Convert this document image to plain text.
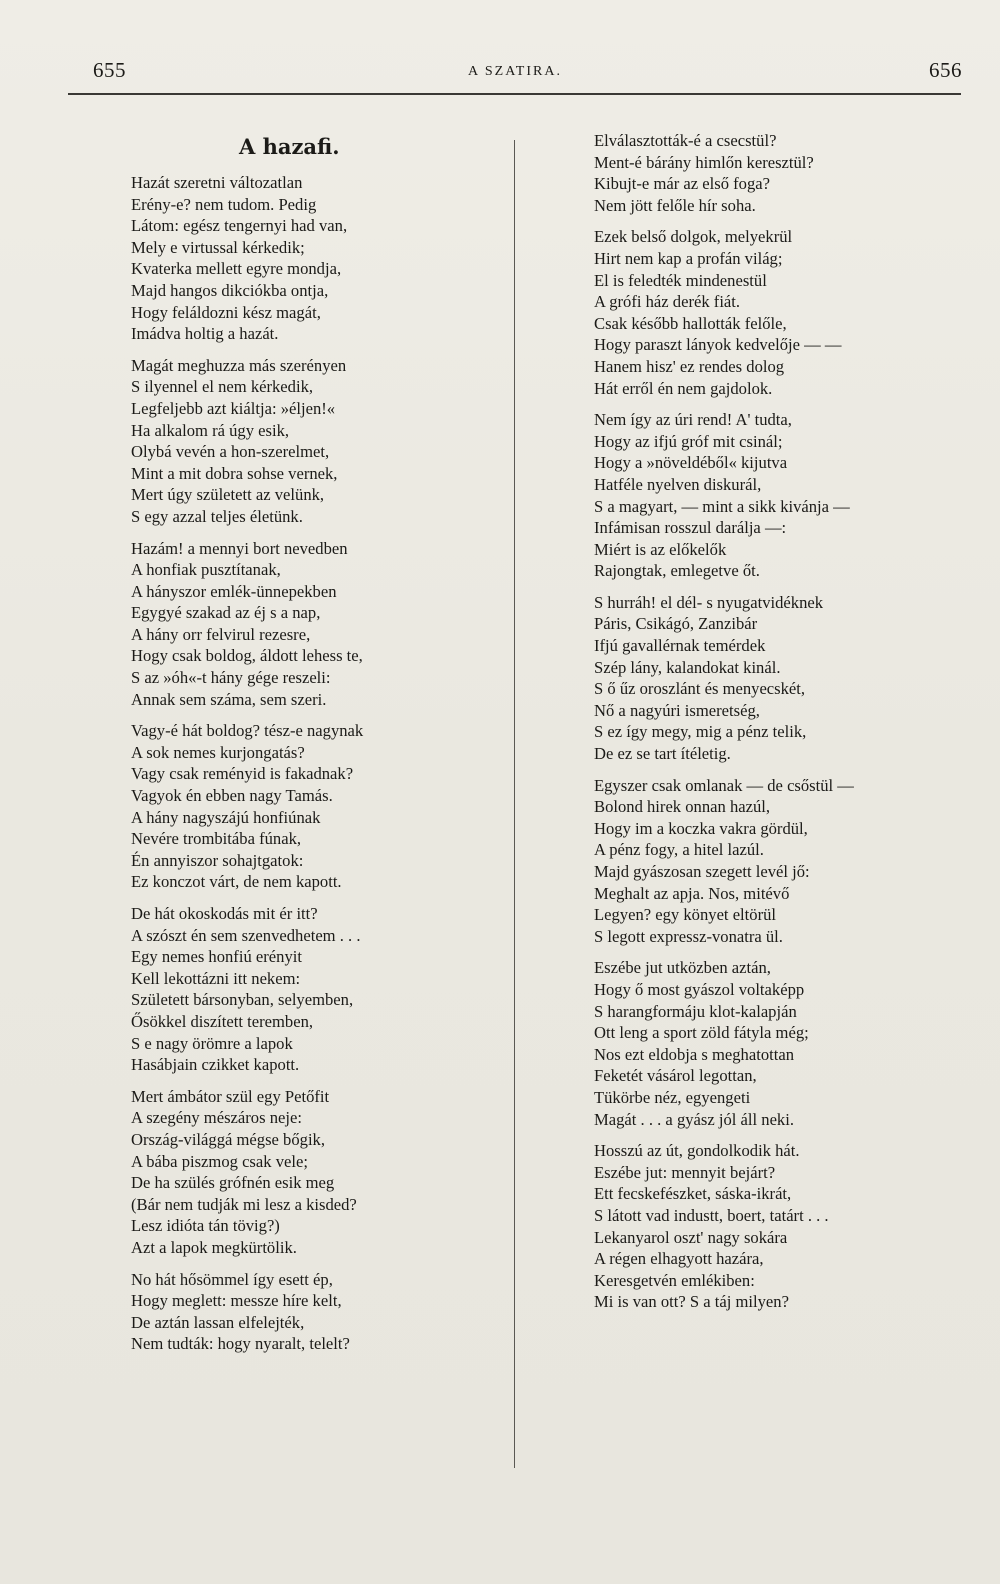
655	A SZATIRA.	656
A hazafi.
Hazát szeretni változatlan
Erény-e? nem tudom. Pedig
Látom: egész tengernyi had van,
Mely e virtussal kérkedik;
Kvaterka mellett egyre mondja,
Majd hangos dikciókba ontja,
Hogy feláldozni kész magát,
Imádva holtig a hazát.
Magát meghuzza más szerényen
S ilyennel el nem kérkedik,
Legfeljebb azt kiáltja: »éljen!«
Ha alkalom rá úgy esik,
Olybá vevén a hon-szerelmet,
Mint a mit dobra sohse vernek,
Mert úgy született az velünk,
S egy azzal teljes életünk.
Hazám! a mennyi bort nevedben
A honfiak pusztítanak,
A hányszor emlék-ünnepekben
Egygyé szakad az éj s a nap,
A hány orr felvirul rezesre,
Hogy csak boldog, áldott lehess te,
S az »óh«-t hány gége reszeli:
Annak sem száma, sem szeri.
Vagy-é hát boldog? tész-e nagynak
A sok nemes kurjongatás?
Vagy csak reményid is fakadnak?
Vagyok én ebben nagy Tamás.
A hány nagyszájú honfiúnak
Nevére trombitába fúnak,
Én annyiszor sohajtgatok:
Ez konczot várt, de nem kapott.
De hát okoskodás mit ér itt?
A szószt én sem szenvedhetem . . .
Egy nemes honfiú erényit
Kell lekottázni itt nekem:
Született bársonyban, selyemben,
Ősökkel diszített teremben,
S e nagy örömre a lapok
Hasábjain czikket kapott.
Mert ámbátor szül egy Petőfit
A szegény mészáros neje:
Ország-világgá mégse bőgik,
A bába piszmog csak vele;
De ha szülés grófnén esik meg
(Bár nem tudják mi lesz a kisded?
Lesz idióta tán tövig?)
Azt a lapok megkürtölik.
No hát hősömmel így esett ép,
Hogy meglett: messze híre kelt,
De aztán lassan elfelejték,
Nem tudták: hogy nyaralt, telelt?
Elválasztották-é a csecstül?
Ment-é bárány himlőn keresztül?
Kibujt-e már az első foga?
Nem jött felőle hír soha.
Ezek belső dolgok, melyekrül
Hirt nem kap a profán világ;
El is feledték mindenestül
A grófi ház derék fiát.
Csak később hallották felőle,
Hogy paraszt lányok kedvelője — —
Hanem hisz' ez rendes dolog
Hát erről én nem gajdolok.
Nem így az úri rend! A' tudta,
Hogy az ifjú gróf mit csinál;
Hogy a »növeldéből« kijutva
Hatféle nyelven diskurál,
S a magyart, — mint a sikk kivánja —
Infámisan rosszul darálja —:
Miért is az előkelők
Rajongtak, emlegetve őt.
S hurráh! el dél- s nyugatvidéknek
Páris, Csikágó, Zanzibár
Ifjú gavallérnak temérdek
Szép lány, kalandokat kinál.
S ő űz oroszlánt és menyecskét,
Nő a nagyúri ismeretség,
S ez így megy, mig a pénz telik,
De ez se tart ítéletig.
Egyszer csak omlanak — de csőstül —
Bolond hirek onnan hazúl,
Hogy im a koczka vakra gördül,
A pénz fogy, a hitel lazúl.
Majd gyászosan szegett levél jő:
Meghalt az apja. Nos, mitévő
Legyen? egy könyet eltörül
S legott expressz-vonatra ül.
Eszébe jut utközben aztán,
Hogy ő most gyászol voltaképp
S harangformáju klot-kalapján
Ott leng a sport zöld fátyla még;
Nos ezt eldobja s meghatottan
Feketét vásárol legottan,
Tükörbe néz, egyengeti
Magát . . . a gyász jól áll neki.
Hosszú az út, gondolkodik hát.
Eszébe jut: mennyit bejárt?
Ett fecskefészket, sáska-ikrát,
S látott vad industt, boert, tatárt . . .
Lekanyarol oszt' nagy sokára
A régen elhagyott hazára,
Keresgetvén emlékiben:
Mi is van ott? S a táj milyen?
